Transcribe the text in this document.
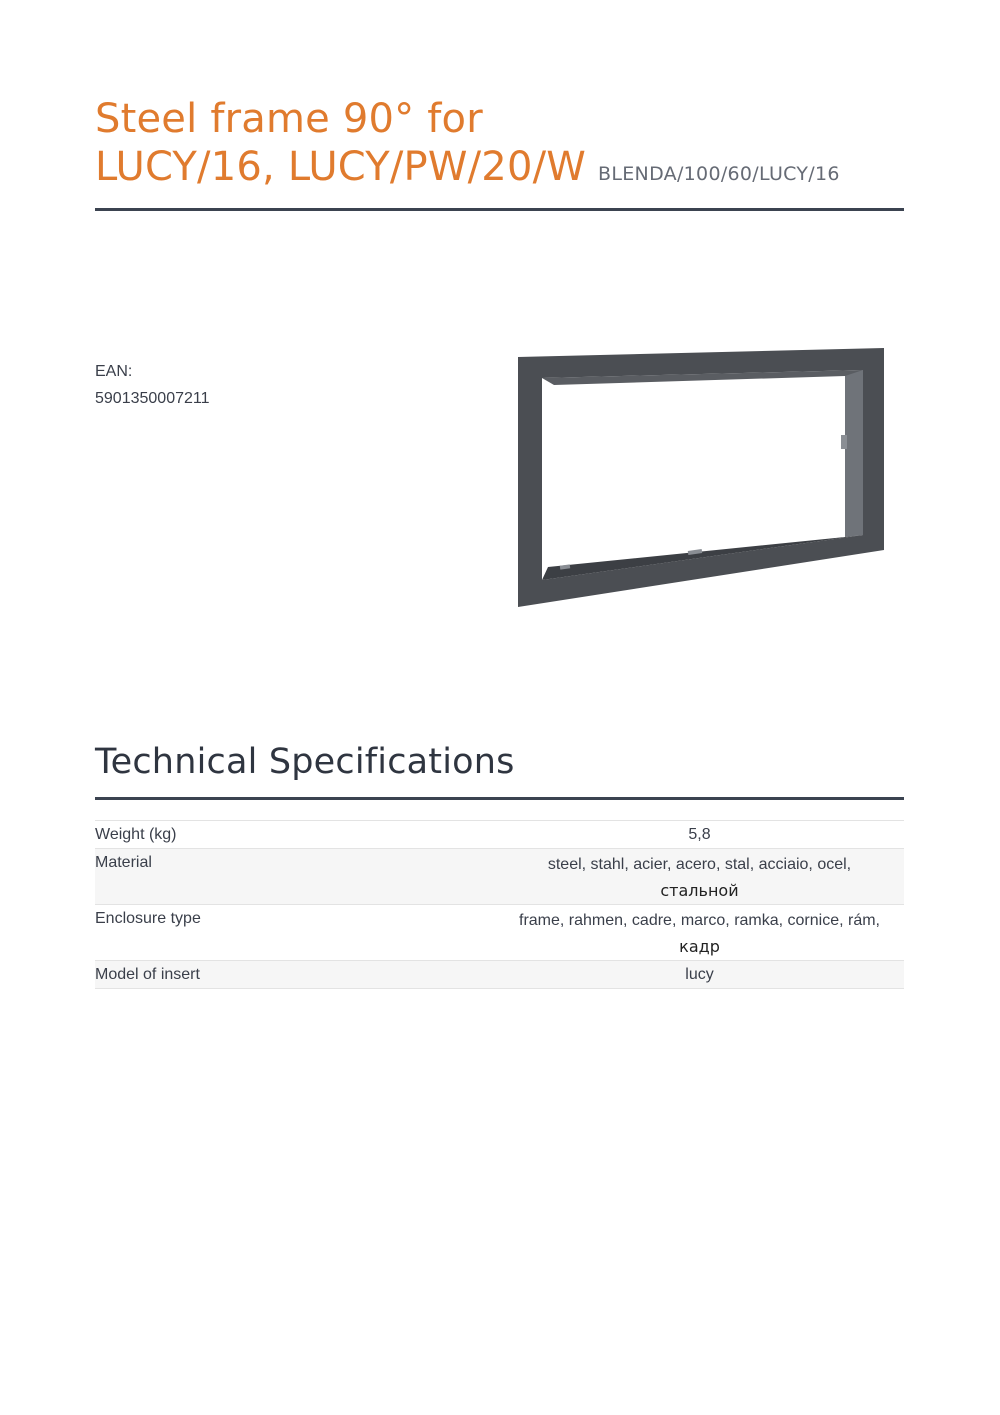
Steel frame 90° for
LUCY/16, LUCY/PW/20/W BLENDA/100/60/LUCY/16
EAN:
5901350007211
Technical Specifications
Weight (kg)	5,8
Material	steel, stahl, acier, acero, stal, acciaio, ocel,
стальной
Enclosure type	frame, rahmen, cadre, marco, ramka, cornice, rám,
кадр
Model of insert	lucy
